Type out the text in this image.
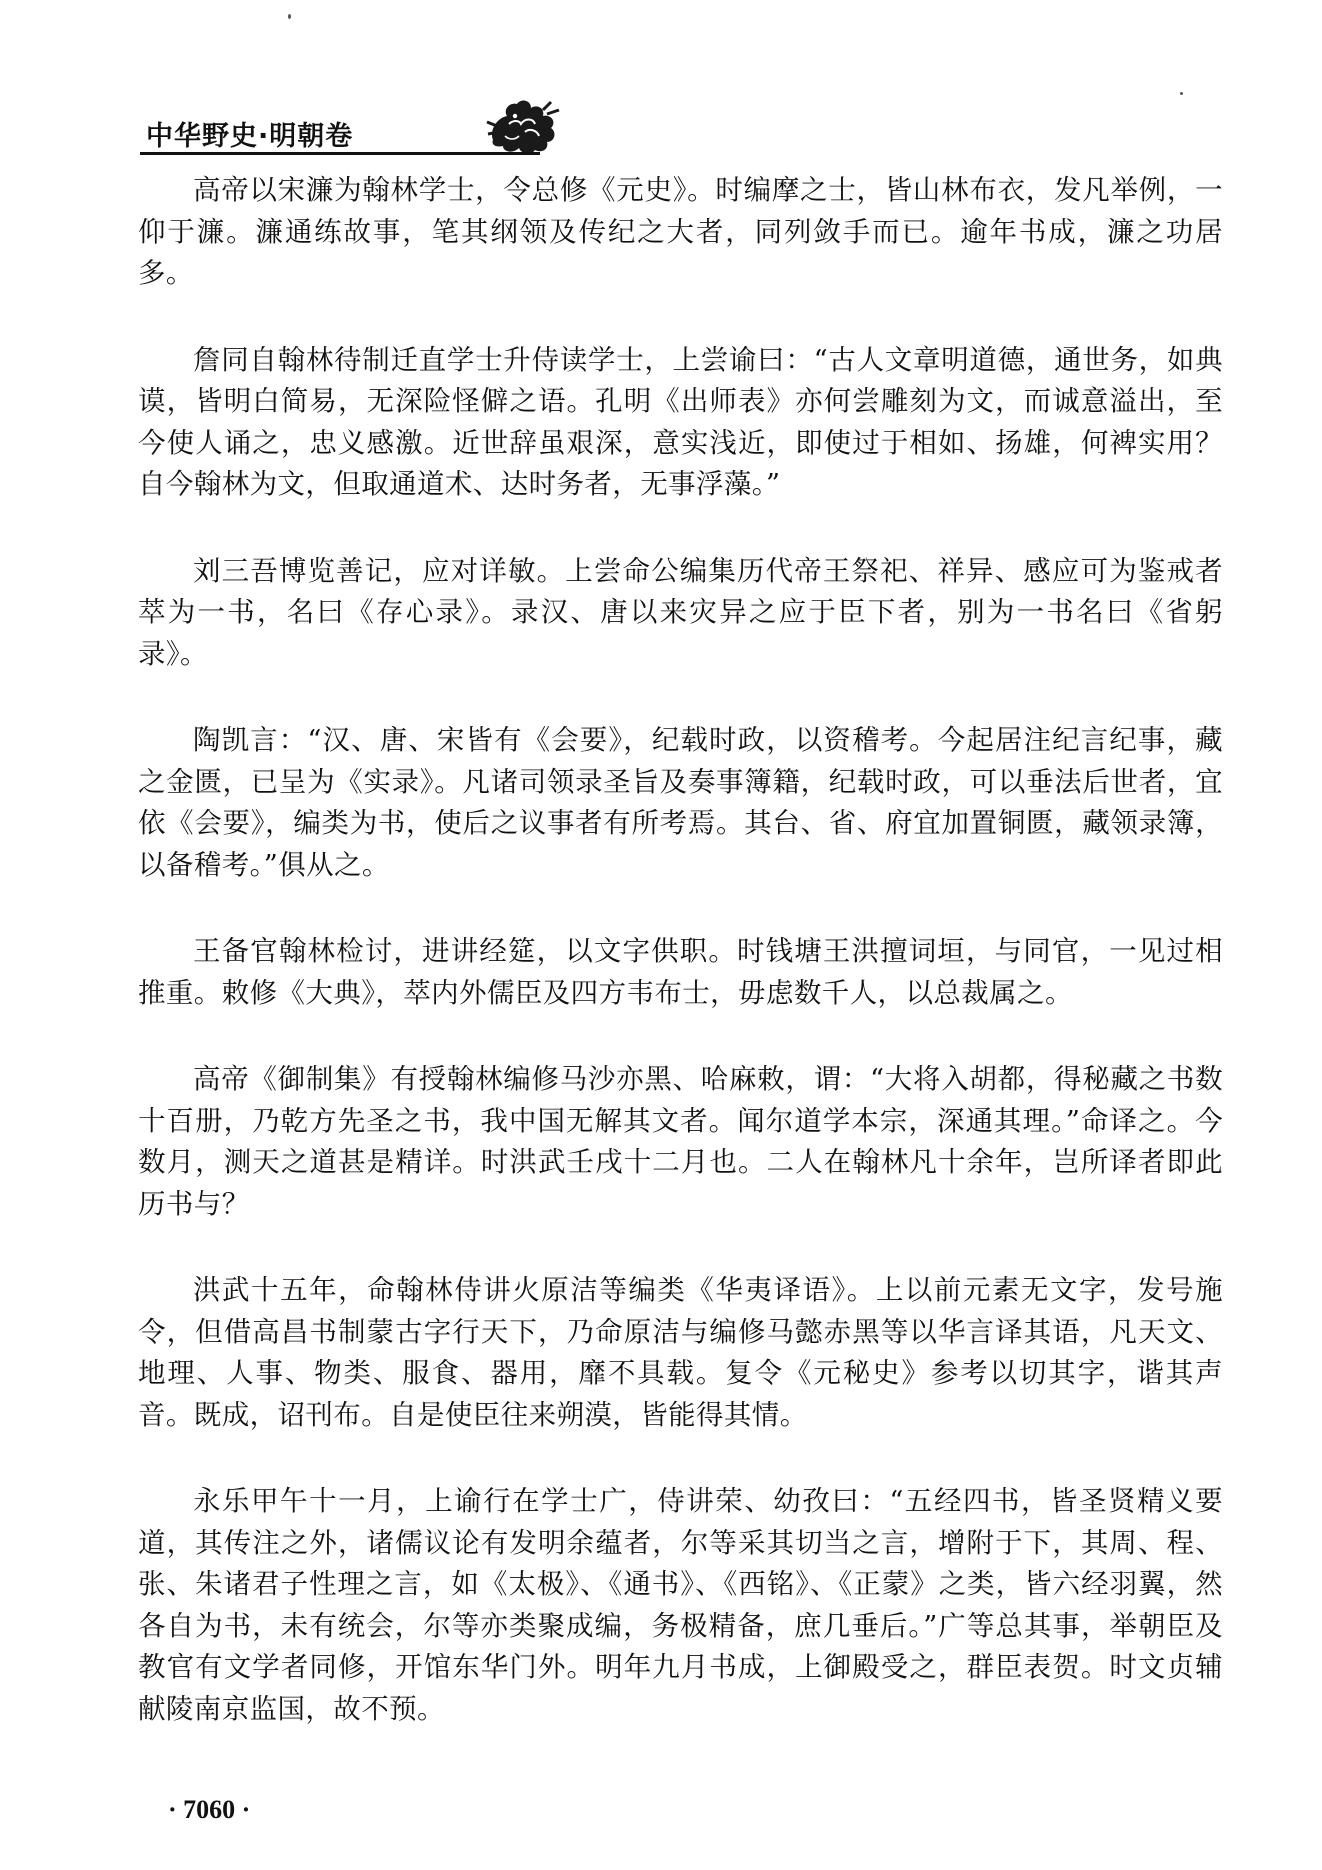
中华野史·明朝卷

高帝以宋濂为翰林学士，令总修《元史》。时编摩之士，皆山林布衣，发凡举例，一仰于濂。濂通练故事，笔其纲领及传纪之大者，同列敛手而已。逾年书成，濂之功居多。

詹同自翰林待制迁直学士升侍读学士，上尝谕曰：“古人文章明道德，通世务，如典谟，皆明白简易，无深险怪僻之语。孔明《出师表》亦何尝雕刻为文，而诚意溢出，至今使人诵之，忠义感激。近世辞虽艰深，意实浅近，即使过于相如、扬雄，何裨实用？自今翰林为文，但取通道术、达时务者，无事浮藻。”

刘三吾博览善记，应对详敏。上尝命公编集历代帝王祭祀、祥异、感应可为鉴戒者萃为一书，名曰《存心录》。录汉、唐以来灾异之应于臣下者，别为一书名曰《省躬录》。

陶凯言：“汉、唐、宋皆有《会要》，纪载时政，以资稽考。今起居注纪言纪事，藏之金匮，已呈为《实录》。凡诸司领录圣旨及奏事簿籍，纪载时政，可以垂法后世者，宜依《会要》，编类为书，使后之议事者有所考焉。其台、省、府宜加置铜匮，藏领录簿，以备稽考。”俱从之。

王备官翰林检讨，进讲经筵，以文字供职。时钱塘王洪擅词垣，与同官，一见过相推重。敕修《大典》，萃内外儒臣及四方韦布士，毋虑数千人，以总裁属之。

高帝《御制集》有授翰林编修马沙亦黑、哈麻敕，谓：“大将入胡都，得秘藏之书数十百册，乃乾方先圣之书，我中国无解其文者。闻尔道学本宗，深通其理。”命译之。今数月，测天之道甚是精详。时洪武壬戌十二月也。二人在翰林凡十余年，岂所译者即此历书与？

洪武十五年，命翰林侍讲火原洁等编类《华夷译语》。上以前元素无文字，发号施令，但借高昌书制蒙古字行天下，乃命原洁与编修马懿赤黑等以华言译其语，凡天文、地理、人事、物类、服食、器用，靡不具载。复令《元秘史》参考以切其字，谐其声音。既成，诏刊布。自是使臣往来朔漠，皆能得其情。

永乐甲午十一月，上谕行在学士广，侍讲荣、幼孜曰：“五经四书，皆圣贤精义要道，其传注之外，诸儒议论有发明余蕴者，尔等采其切当之言，增附于下，其周、程、张、朱诸君子性理之言，如《太极》、《通书》、《西铭》、《正蒙》之类，皆六经羽翼，然各自为书，未有统会，尔等亦类聚成编，务极精备，庶几垂后。”广等总其事，举朝臣及教官有文学者同修，开馆东华门外。明年九月书成，上御殿受之，群臣表贺。时文贞辅献陵南京监国，故不预。

· 7060 ·
